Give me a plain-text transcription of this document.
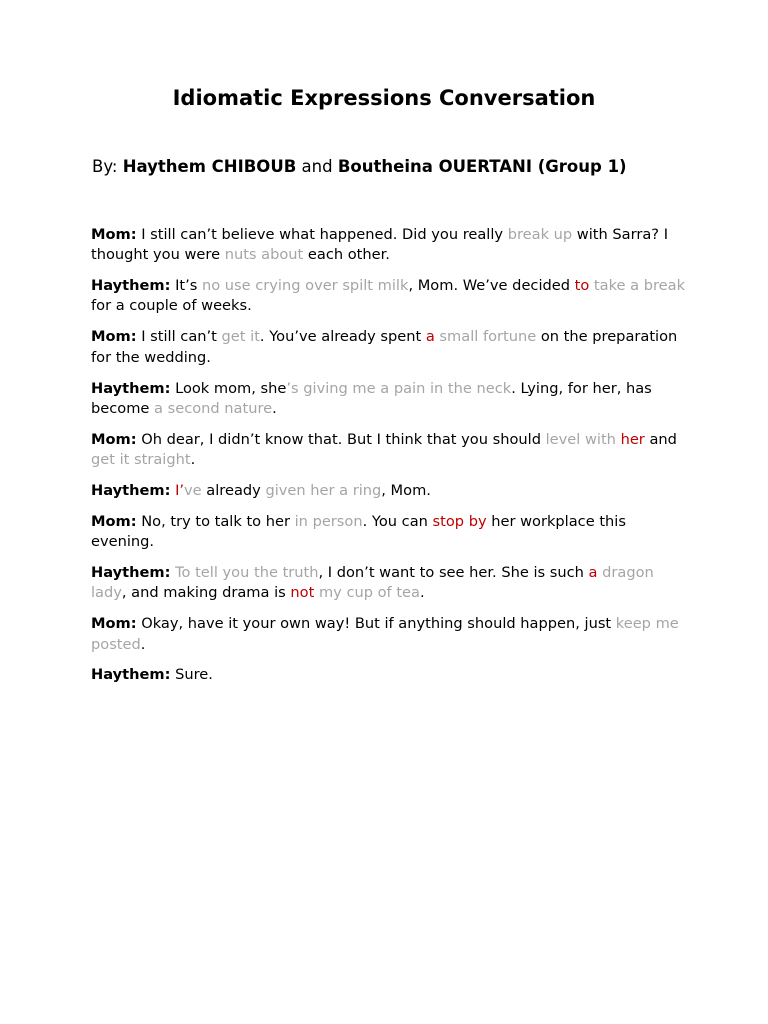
Idiomatic Expressions Conversation
By: Haythem CHIBOUB and Boutheina OUERTANI (Group 1)
Mom: I still can’t believe what happened. Did you really break up with Sarra? I thought you were nuts about each other.
Haythem: It’s no use crying over spilt milk, Mom. We’ve decided to take a break for a couple of weeks.
Mom: I still can’t get it. You’ve already spent a small fortune on the preparation for the wedding.
Haythem: Look mom, she’s giving me a pain in the neck. Lying, for her, has become a second nature.
Mom: Oh dear, I didn’t know that. But I think that you should level with her and get it straight.
Haythem: I’ve already given her a ring, Mom.
Mom: No, try to talk to her in person. You can stop by her workplace this evening.
Haythem: To tell you the truth, I don’t want to see her. She is such a dragon lady, and making drama is not my cup of tea.
Mom: Okay, have it your own way! But if anything should happen, just keep me posted.
Haythem: Sure.
